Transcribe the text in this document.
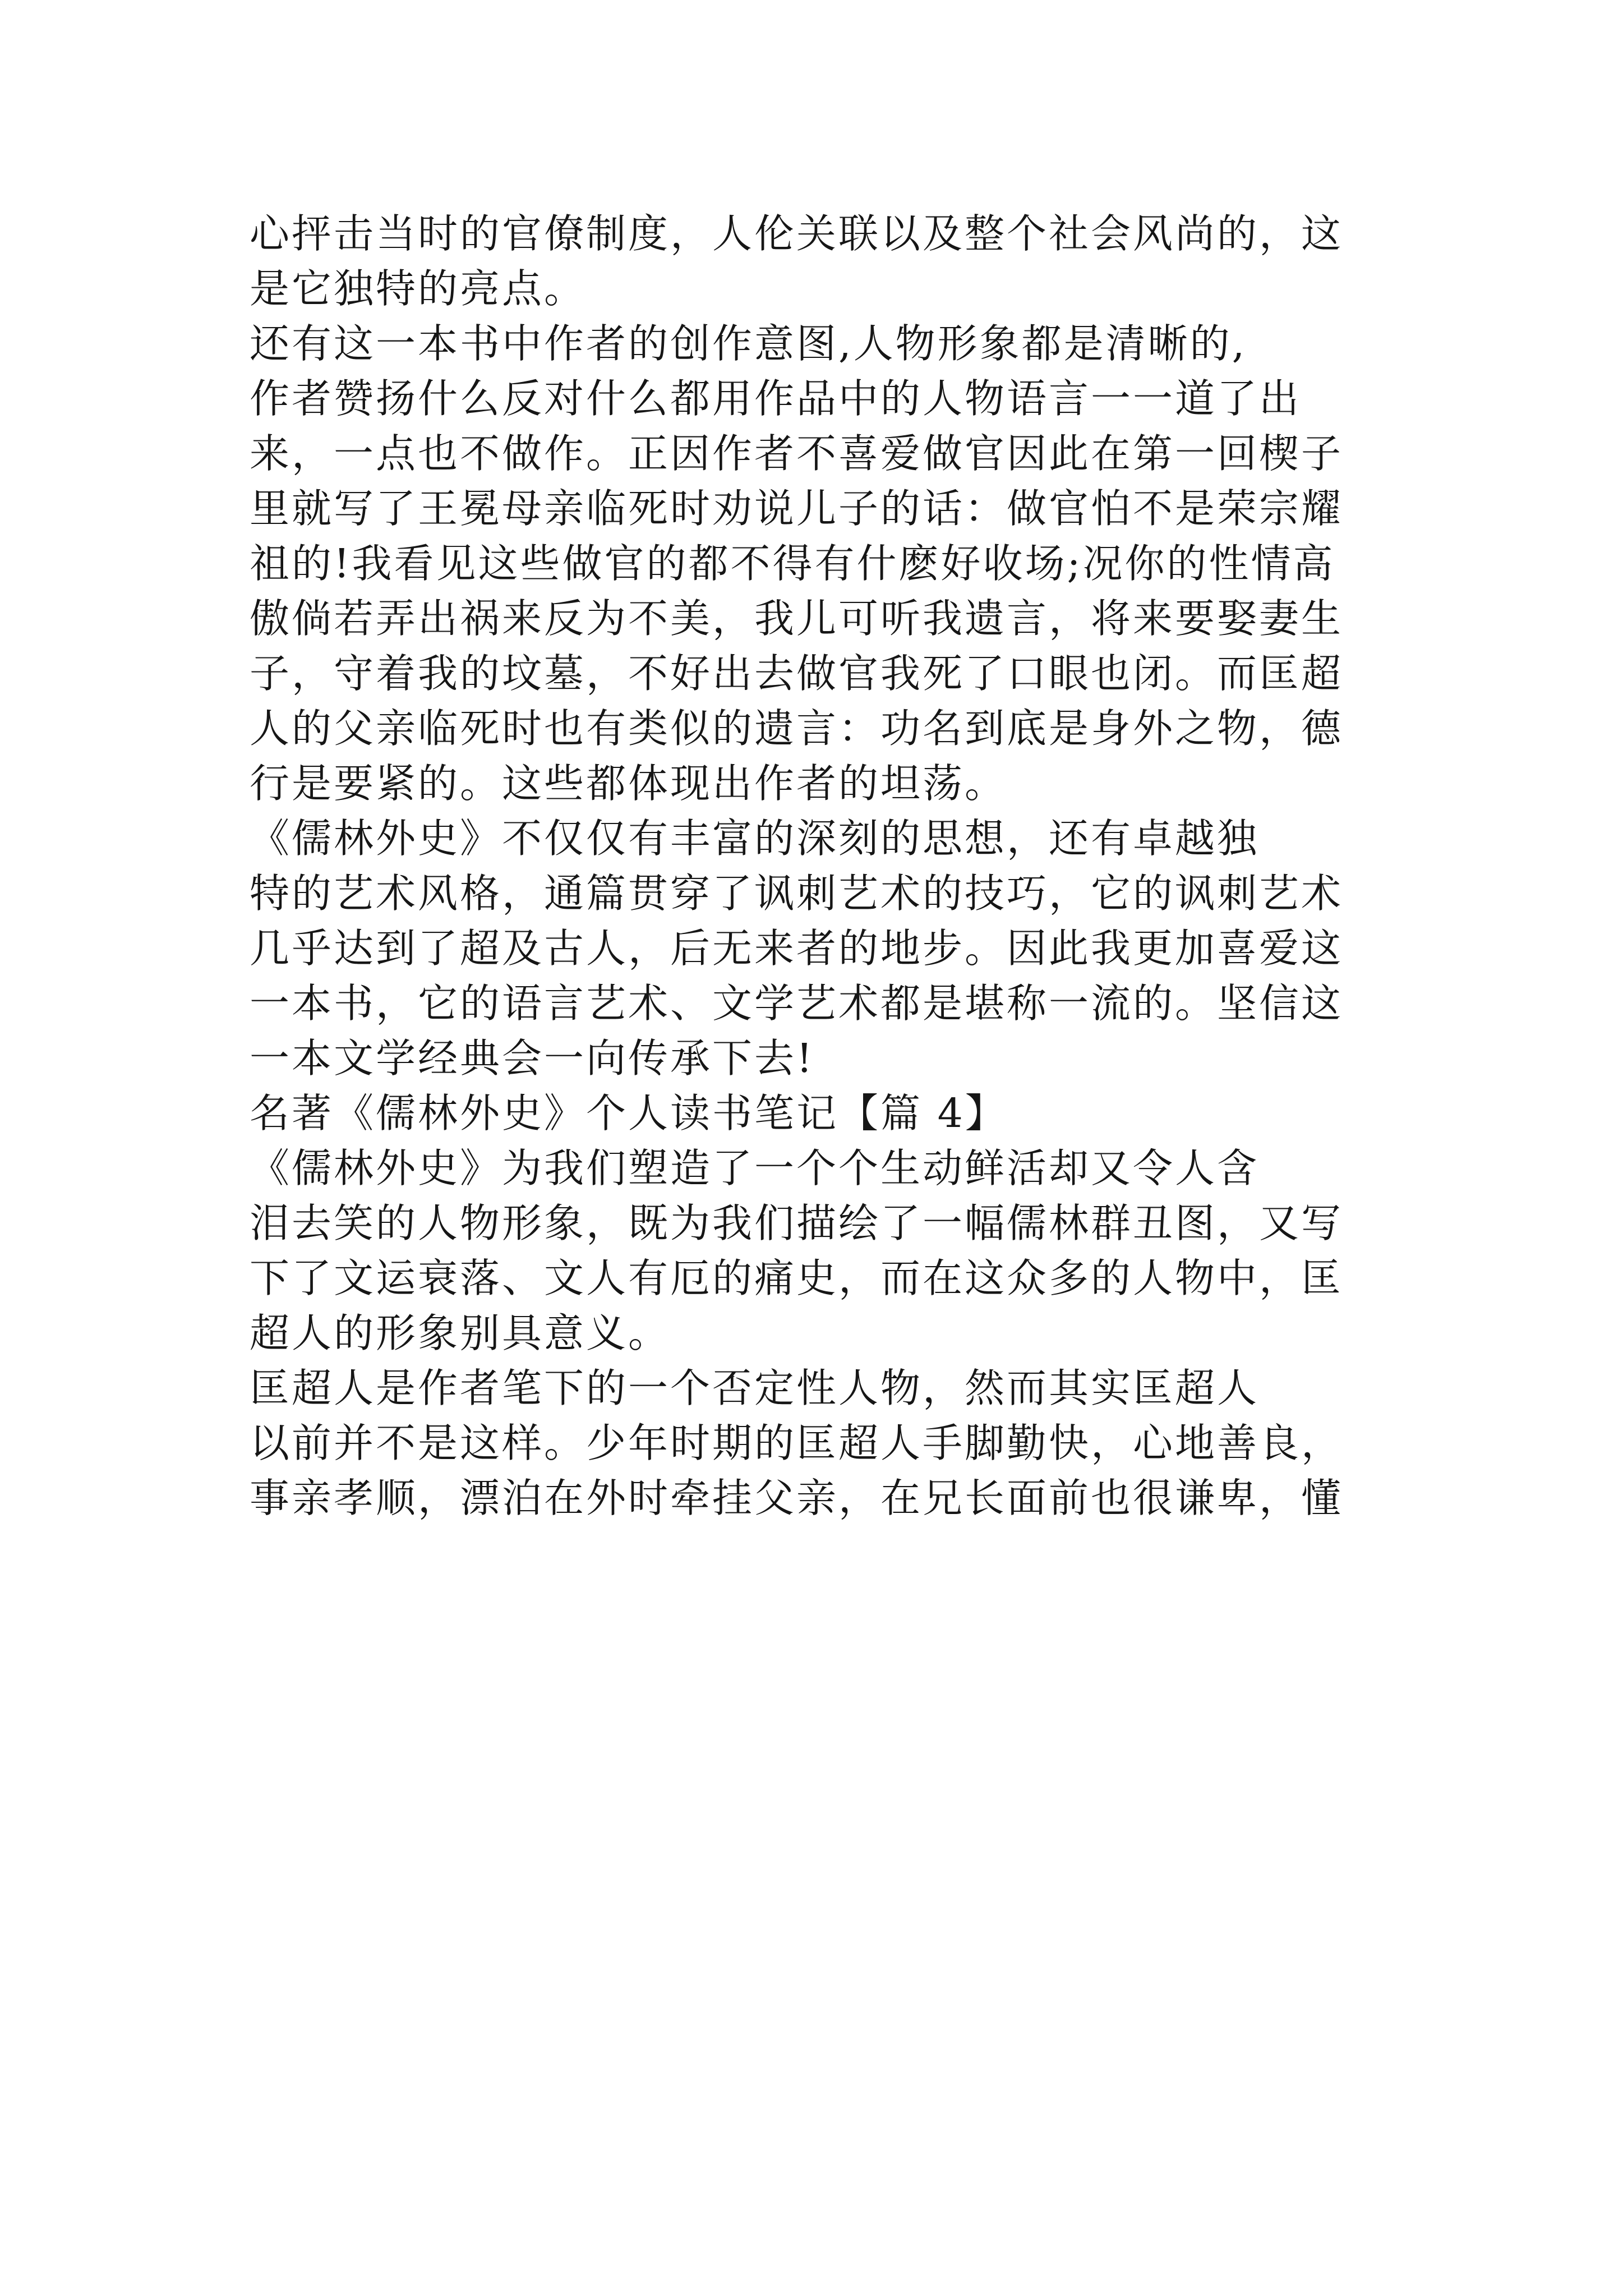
心抨击当时的官僚制度，人伦关联以及整个社会风尚的，这
是它独特的亮点。
还有这一本书中作者的创作意图,人物形象都是清晰的,
作者赞扬什么反对什么都用作品中的人物语言一一道了出
来，一点也不做作。正因作者不喜爱做官因此在第一回楔子
里就写了王冕母亲临死时劝说儿子的话：做官怕不是荣宗耀
祖的!我看见这些做官的都不得有什麽好收场;况你的性情高
傲倘若弄出祸来反为不美，我儿可听我遗言，将来要娶妻生
子，守着我的坟墓，不好出去做官我死了口眼也闭。而匡超
人的父亲临死时也有类似的遗言：功名到底是身外之物，德
行是要紧的。这些都体现出作者的坦荡。
《儒林外史》不仅仅有丰富的深刻的思想，还有卓越独
特的艺术风格，通篇贯穿了讽刺艺术的技巧，它的讽刺艺术
几乎达到了超及古人，后无来者的地步。因此我更加喜爱这
一本书，它的语言艺术、文学艺术都是堪称一流的。坚信这
一本文学经典会一向传承下去!
名著《儒林外史》个人读书笔记【篇 4】
《儒林外史》为我们塑造了一个个生动鲜活却又令人含
泪去笑的人物形象，既为我们描绘了一幅儒林群丑图，又写
下了文运衰落、文人有厄的痛史，而在这众多的人物中，匡
超人的形象别具意义。
匡超人是作者笔下的一个否定性人物，然而其实匡超人
以前并不是这样。少年时期的匡超人手脚勤快，心地善良，
事亲孝顺，漂泊在外时牵挂父亲，在兄长面前也很谦卑，懂
